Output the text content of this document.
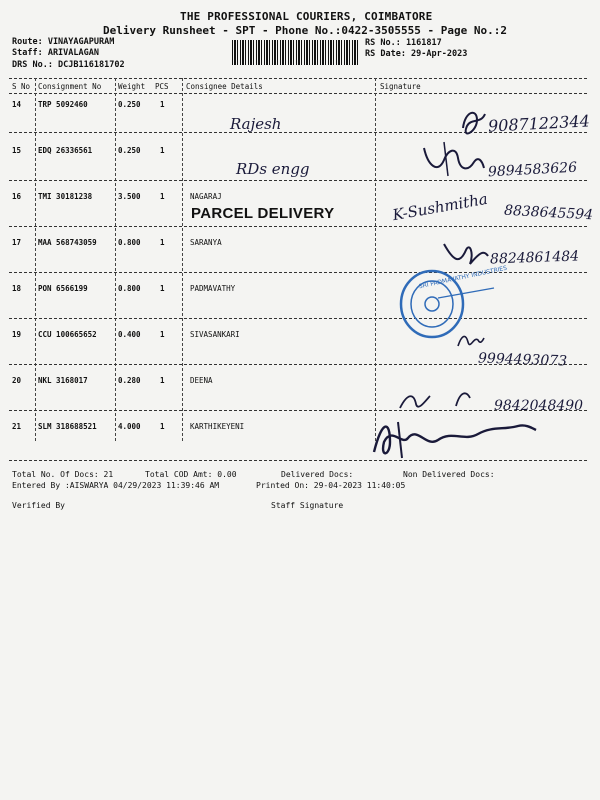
THE PROFESSIONAL COURIERS, COIMBATORE
Delivery Runsheet - SPT - Phone No.:0422-3505555 - Page No.:2
Route: VINAYAGAPURAM
Staff: ARIVALAGAN
DRS No.: DCJB116181702
RS No.: 1161817
RS Date: 29-Apr-2023
S No Consignment No Weight PCS Consignee Details	Signature
14 TRP 5092460	0.250	1
Rajesh	9087122344
15 EDQ 26336561	0.250	1
RDs engg	9894583626
16 TMI 30181238	3.500	1	NAGARAJ
PARCEL DELIVERY	K-Sushmitha 8838645594
17 MAA 568743059	0.800	1	SARANYA
8824861484
18 PON 6566199	0.800	1	PADMAVATHY
19 CCU 100665652	0.400	1	SIVASANKARI
9994493073
20 NKL 3168017	0.280	1	DEENA
9842048490
21 SLM 318688521	4.000	1	KARTHIKEYENI
SRI PADMAVATHY INDUSTRIES
Total No. Of Docs: 21	Total COD Amt: 0.00	Delivered Docs:	Non Delivered Docs:
Entered By :AISWARYA 04/29/2023 11:39:46 AM	Printed On: 29-04-2023 11:40:05
Verified By	Staff Signature
